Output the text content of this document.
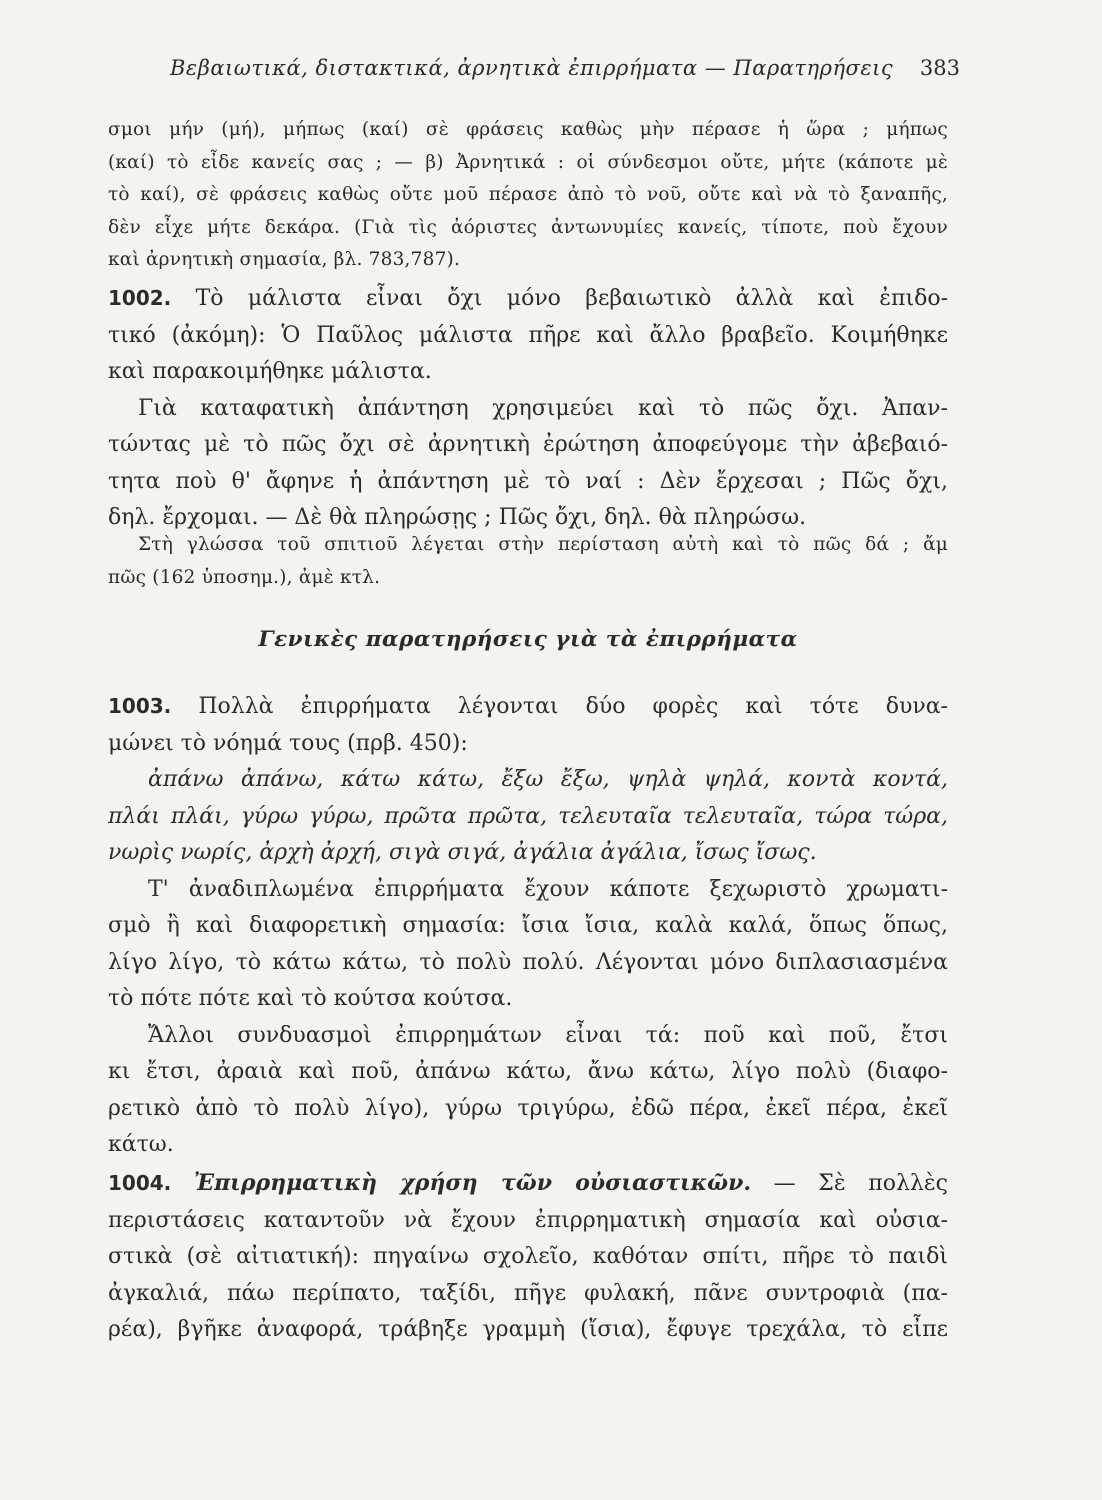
Βεβαιωτικά, διστακτικά, ἀρνητικὰ ἐπιρρήματα — Παρατηρήσεις 383
σμοι μήν (μή), μήπως (καί) σὲ φράσεις καθὼς μὴν πέρασε ἡ ὥρα ; μήπως
(καί) τὸ εἶδε κανείς σας ; — β) Ἀρνητικά : οἱ σύνδεσμοι οὔτε, μήτε (κάποτε μὲ
τὸ καί), σὲ φράσεις καθὼς οὔτε μοῦ πέρασε ἀπὸ τὸ νοῦ, οὔτε καὶ νὰ τὸ ξαναπῆς,
δὲν εἶχε μήτε δεκάρα. (Γιὰ τὶς ἀόριστες ἀντωνυμίες κανείς, τίποτε, ποὺ ἔχουν
καὶ ἀρνητικὴ σημασία, βλ. 783,787).
1002. Τὸ μάλιστα εἶναι ὄχι μόνο βεβαιωτικὸ ἀλλὰ καὶ ἐπιδο-
τικό (ἀκόμη): Ὁ Παῦλος μάλιστα πῆρε καὶ ἄλλο βραβεῖο. Κοιμήθηκε
καὶ παρακοιμήθηκε μάλιστα.
Γιὰ καταφατικὴ ἀπάντηση χρησιμεύει καὶ τὸ πῶς ὄχι. Ἀπαν-
τώντας μὲ τὸ πῶς ὄχι σὲ ἀρνητικὴ ἐρώτηση ἀποφεύγομε τὴν ἀβεβαιό-
τητα ποὺ θ' ἄφηνε ἡ ἀπάντηση μὲ τὸ ναί : Δὲν ἔρχεσαι ; Πῶς ὄχι,
δηλ. ἔρχομαι. — Δὲ θὰ πληρώσῃς ; Πῶς ὄχι, δηλ. θὰ πληρώσω.
Στὴ γλώσσα τοῦ σπιτιοῦ λέγεται στὴν περίσταση αὐτὴ καὶ τὸ πῶς δά ; ἄμ
πῶς (162 ὑποσημ.), ἀμὲ κτλ.
Γενικὲς παρατηρήσεις γιὰ τὰ ἐπιρρήματα
1003. Πολλὰ ἐπιρρήματα λέγονται δύο φορὲς καὶ τότε δυνα-
μώνει τὸ νόημά τους (πρβ. 450):
ἀπάνω ἀπάνω, κάτω κάτω, ἔξω ἔξω, ψηλὰ ψηλά, κοντὰ κοντά,
πλάι πλάι, γύρω γύρω, πρῶτα πρῶτα, τελευταῖα τελευταῖα, τώρα τώρα,
νωρὶς νωρίς, ἀρχὴ ἀρχή, σιγὰ σιγά, ἀγάλια ἀγάλια, ἴσως ἴσως.
Τ' ἀναδιπλωμένα ἐπιρρήματα ἔχουν κάποτε ξεχωριστὸ χρωματι-
σμὸ ἢ καὶ διαφορετικὴ σημασία: ἴσια ἴσια, καλὰ καλά, ὅπως ὅπως,
λίγο λίγο, τὸ κάτω κάτω, τὸ πολὺ πολύ. Λέγονται μόνο διπλασιασμένα
τὸ πότε πότε καὶ τὸ κούτσα κούτσα.
Ἄλλοι συνδυασμοὶ ἐπιρρημάτων εἶναι τά: ποῦ καὶ ποῦ, ἔτσι
κι ἔτσι, ἀραιὰ καὶ ποῦ, ἀπάνω κάτω, ἄνω κάτω, λίγο πολὺ (διαφο-
ρετικὸ ἀπὸ τὸ πολὺ λίγο), γύρω τριγύρω, ἐδῶ πέρα, ἐκεῖ πέρα, ἐκεῖ
κάτω.
1004. Ἐπιρρηματικὴ χρήση τῶν οὐσιαστικῶν. — Σὲ πολλὲς
περιστάσεις καταντοῦν νὰ ἔχουν ἐπιρρηματικὴ σημασία καὶ οὐσια-
στικὰ (σὲ αἰτιατική): πηγαίνω σχολεῖο, καθόταν σπίτι, πῆρε τὸ παιδὶ
ἀγκαλιά, πάω περίπατο, ταξίδι, πῆγε φυλακή, πᾶνε συντροφιὰ (πα-
ρέα), βγῆκε ἀναφορά, τράβηξε γραμμὴ (ἴσια), ἔφυγε τρεχάλα, τὸ εἶπε
